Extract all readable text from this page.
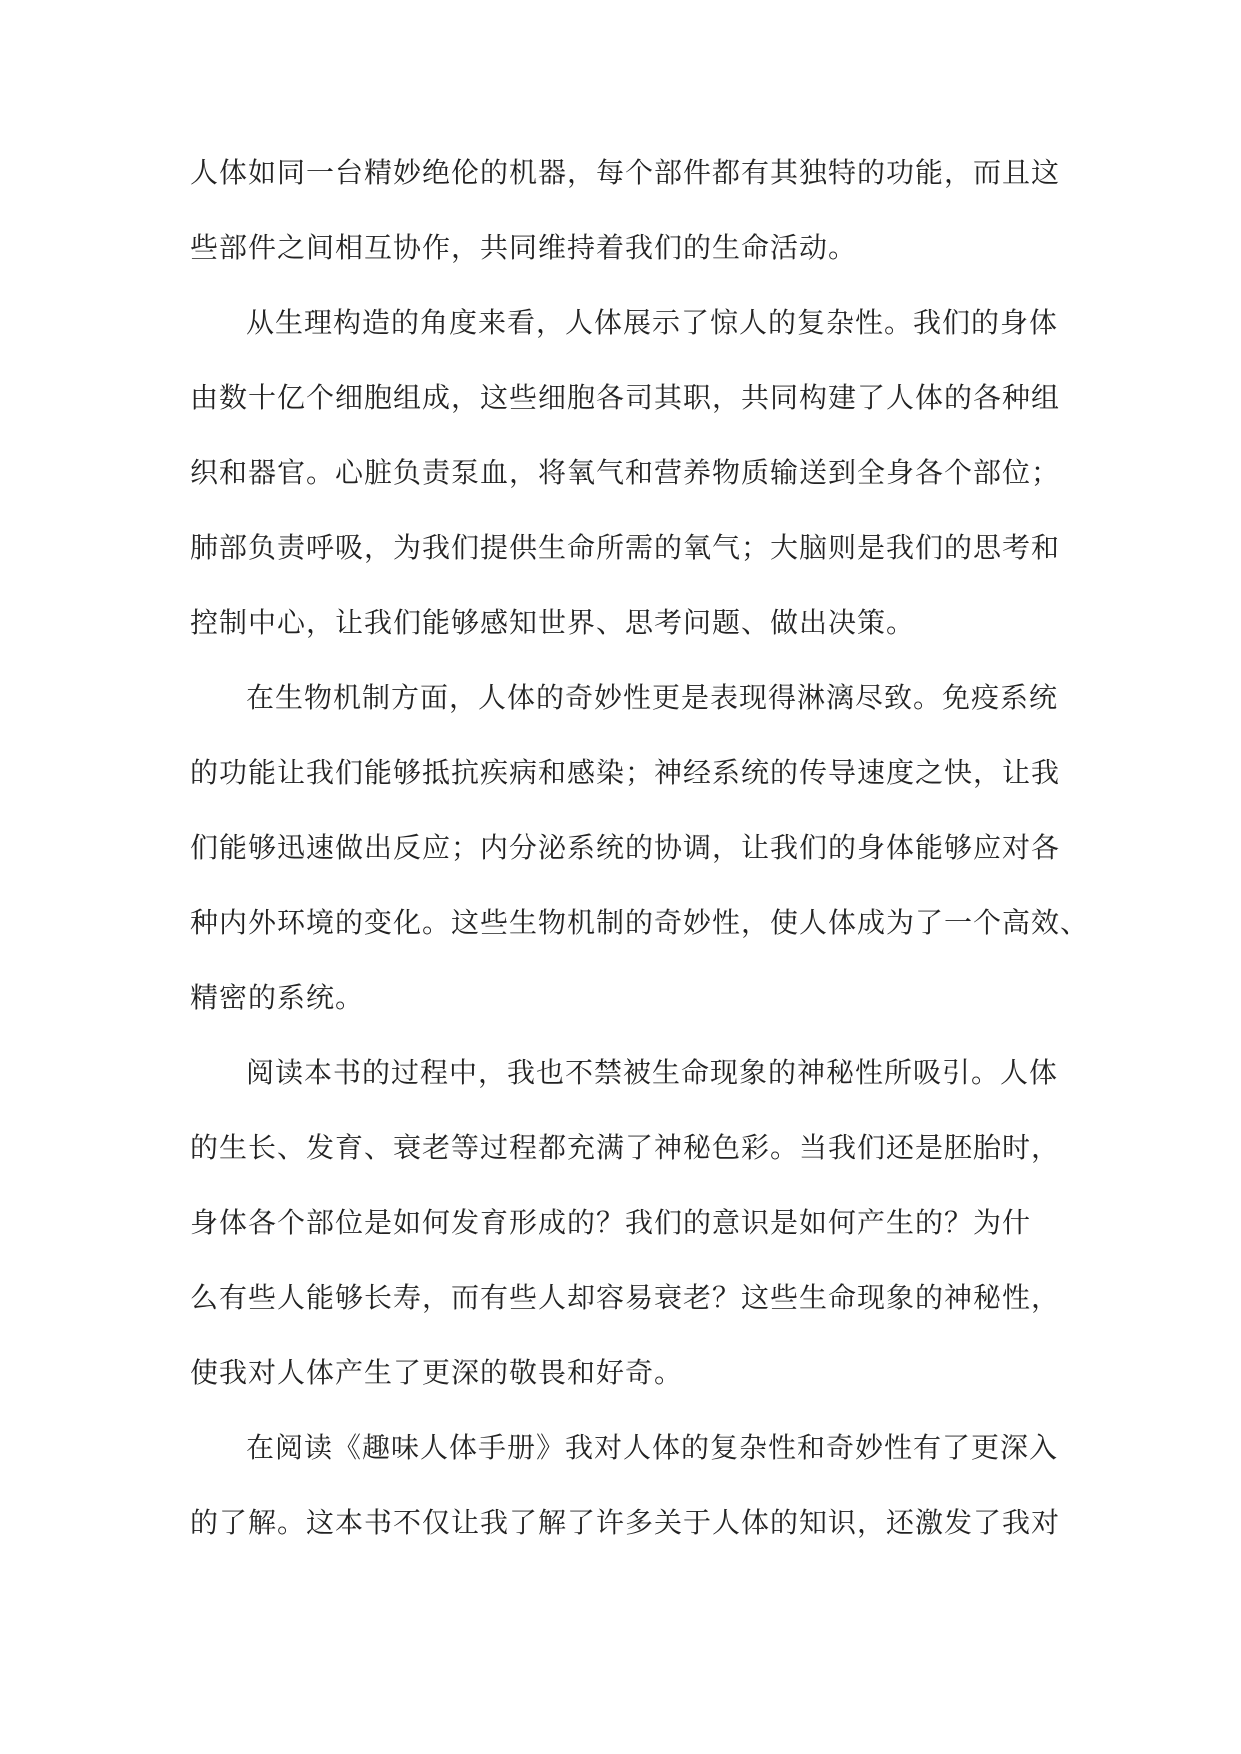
人体如同一台精妙绝伦的机器，每个部件都有其独特的功能，而且这

些部件之间相互协作，共同维持着我们的生命活动。

从生理构造的角度来看，人体展示了惊人的复杂性。我们的身体

由数十亿个细胞组成，这些细胞各司其职，共同构建了人体的各种组

织和器官。心脏负责泵血，将氧气和营养物质输送到全身各个部位；

肺部负责呼吸，为我们提供生命所需的氧气；大脑则是我们的思考和

控制中心，让我们能够感知世界、思考问题、做出决策。

在生物机制方面，人体的奇妙性更是表现得淋漓尽致。免疫系统

的功能让我们能够抵抗疾病和感染；神经系统的传导速度之快，让我

们能够迅速做出反应；内分泌系统的协调，让我们的身体能够应对各

种内外环境的变化。这些生物机制的奇妙性，使人体成为了一个高效、

精密的系统。

阅读本书的过程中，我也不禁被生命现象的神秘性所吸引。人体

的生长、发育、衰老等过程都充满了神秘色彩。当我们还是胚胎时，

身体各个部位是如何发育形成的？我们的意识是如何产生的？为什

么有些人能够长寿，而有些人却容易衰老？这些生命现象的神秘性，

使我对人体产生了更深的敬畏和好奇。

在阅读《趣味人体手册》我对人体的复杂性和奇妙性有了更深入

的了解。这本书不仅让我了解了许多关于人体的知识，还激发了我对
